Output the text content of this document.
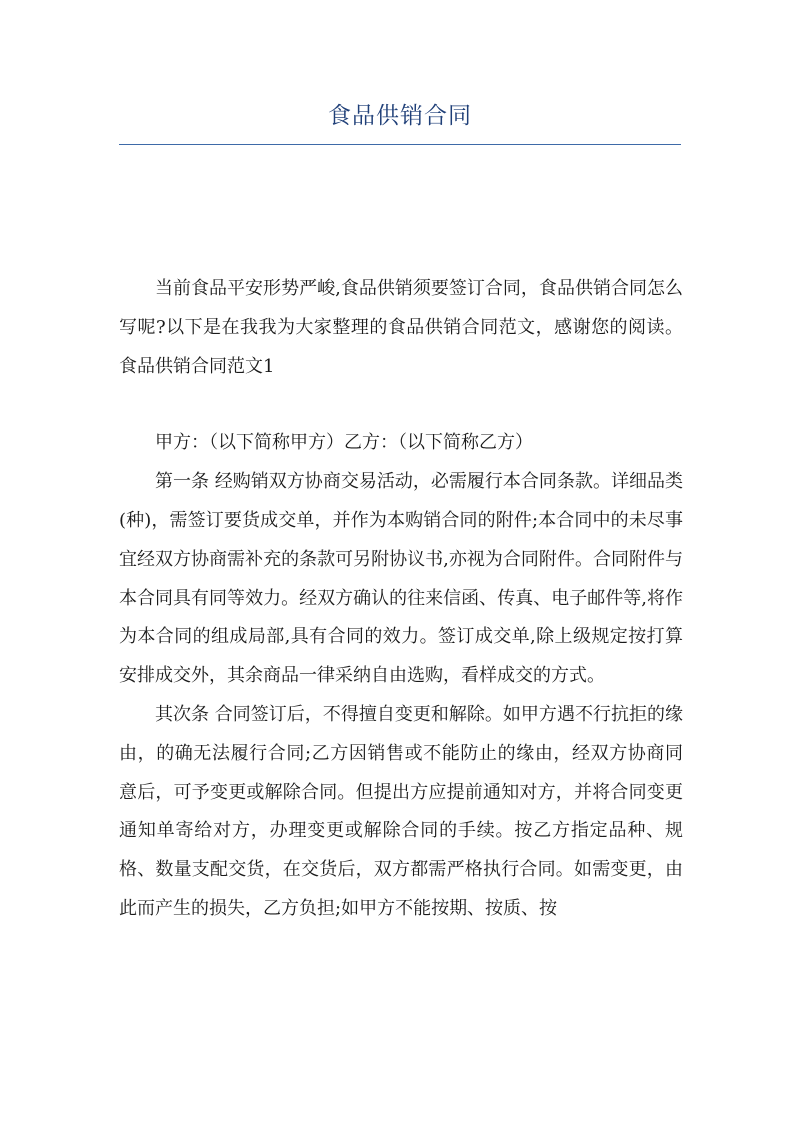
食品供销合同

当前食品平安形势严峻,食品供销须要签订合同，食品供销合同怎么写呢?以下是在我我为大家整理的食品供销合同范文，感谢您的阅读。食品供销合同范文1

甲方：（以下简称甲方）乙方：（以下简称乙方）

第一条 经购销双方协商交易活动，必需履行本合同条款。详细品类(种)，需签订要货成交单，并作为本购销合同的附件;本合同中的未尽事宜经双方协商需补充的条款可另附协议书,亦视为合同附件。合同附件与本合同具有同等效力。经双方确认的往来信函、传真、电子邮件等,将作为本合同的组成局部,具有合同的效力。签订成交单,除上级规定按打算安排成交外，其余商品一律采纳自由选购，看样成交的方式。

其次条 合同签订后，不得擅自变更和解除。如甲方遇不行抗拒的缘由，的确无法履行合同;乙方因销售或不能防止的缘由，经双方协商同意后，可予变更或解除合同。但提出方应提前通知对方，并将合同变更通知单寄给对方，办理变更或解除合同的手续。按乙方指定品种、规格、数量支配交货，在交货后，双方都需严格执行合同。如需变更，由此而产生的损失，乙方负担;如甲方不能按期、按质、按
